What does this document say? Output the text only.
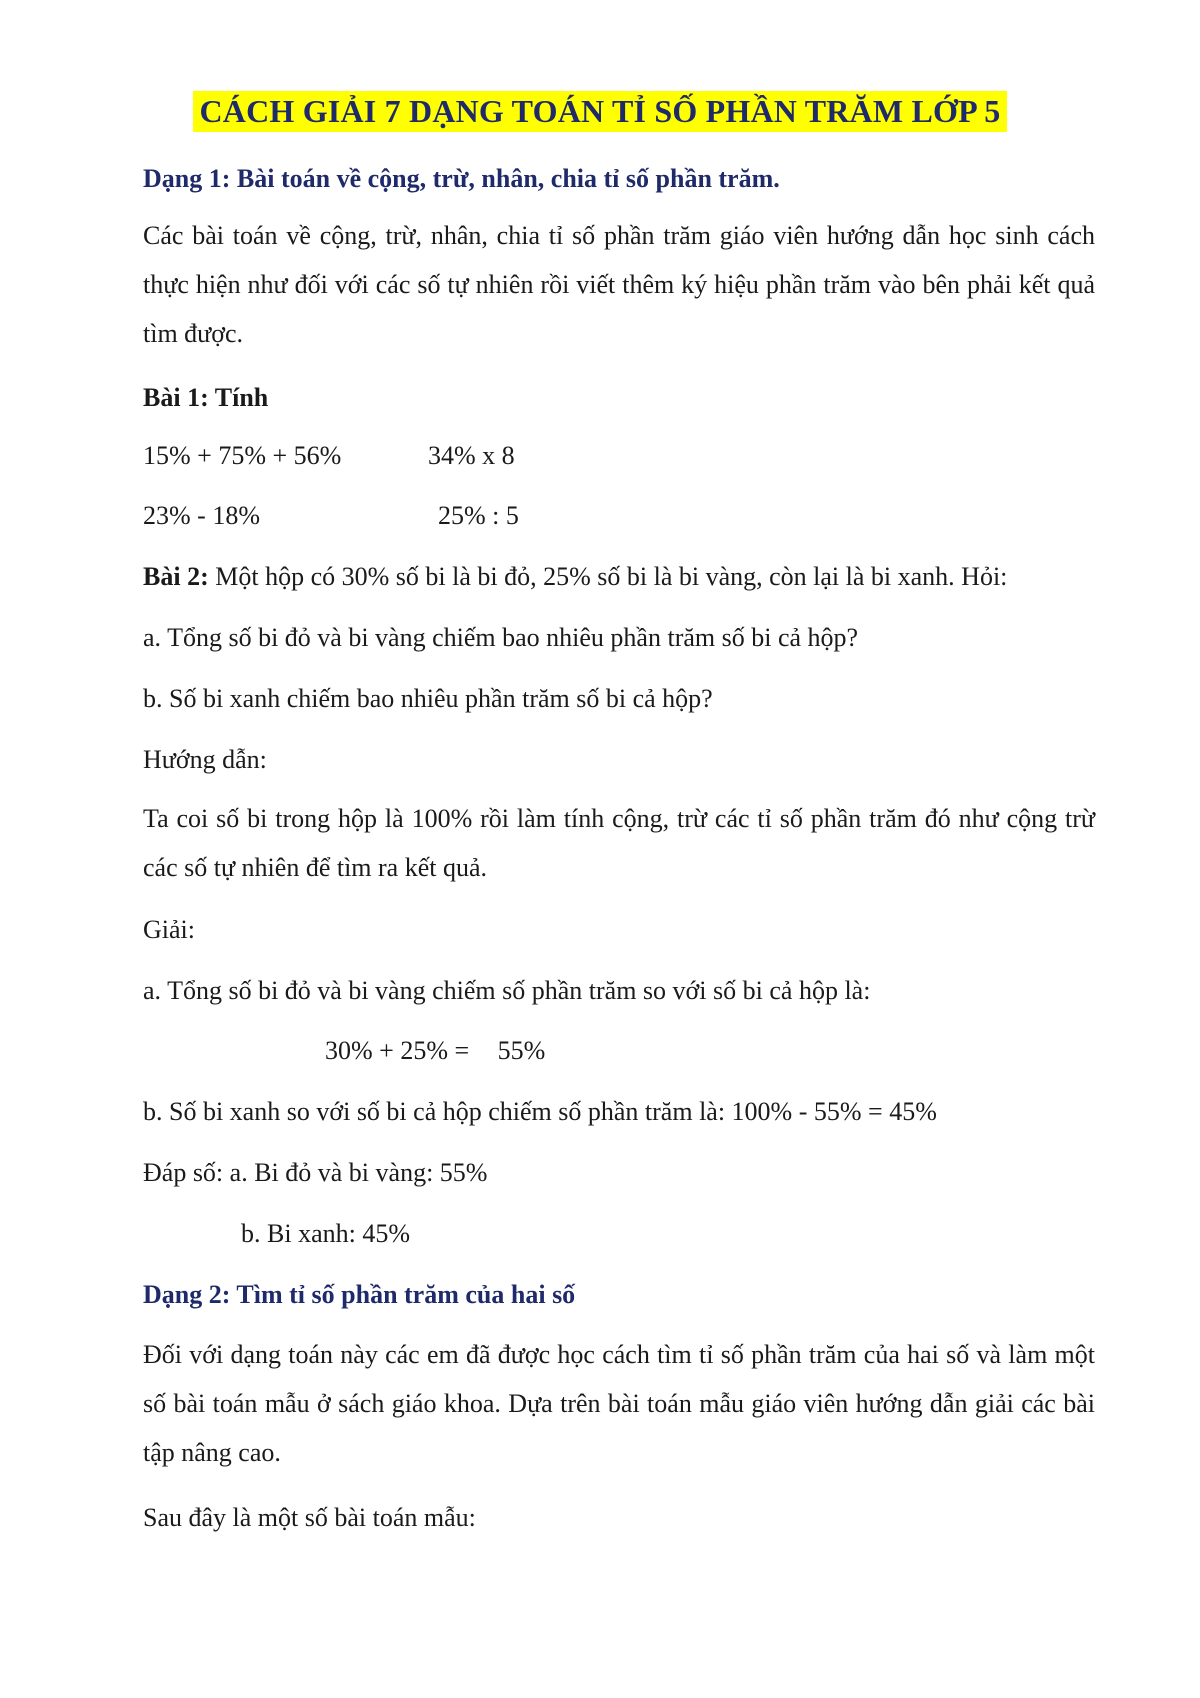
CÁCH GIẢI 7 DẠNG TOÁN TỈ SỐ PHẦN TRĂM LỚP 5

Dạng 1: Bài toán về cộng, trừ, nhân, chia tỉ số phần trăm.

Các bài toán về cộng, trừ, nhân, chia tỉ số phần trăm giáo viên hướng dẫn học sinh cách thực hiện như đối với các số tự nhiên rồi viết thêm ký hiệu phần trăm vào bên phải kết quả tìm được.

Bài 1: Tính

15% + 75% + 56%	34% x 8

23% - 18%	25% : 5

Bài 2: Một hộp có 30% số bi là bi đỏ, 25% số bi là bi vàng, còn lại là bi xanh. Hỏi:

a. Tổng số bi đỏ và bi vàng chiếm bao nhiêu phần trăm số bi cả hộp?

b. Số bi xanh chiếm bao nhiêu phần trăm số bi cả hộp?

Hướng dẫn:

Ta coi số bi trong hộp là 100% rồi làm tính cộng, trừ các tỉ số phần trăm đó như cộng trừ các số tự nhiên để tìm ra kết quả.

Giải:

a. Tổng số bi đỏ và bi vàng chiếm số phần trăm so với số bi cả hộp là:

30% + 25% = 55%

b. Số bi xanh so với số bi cả hộp chiếm số phần trăm là: 100% - 55% = 45%

Đáp số: a. Bi đỏ và bi vàng: 55%

b. Bi xanh: 45%

Dạng 2: Tìm tỉ số phần trăm của hai số

Đối với dạng toán này các em đã được học cách tìm tỉ số phần trăm của hai số và làm một số bài toán mẫu ở sách giáo khoa. Dựa trên bài toán mẫu giáo viên hướng dẫn giải các bài tập nâng cao.

Sau đây là một số bài toán mẫu:
